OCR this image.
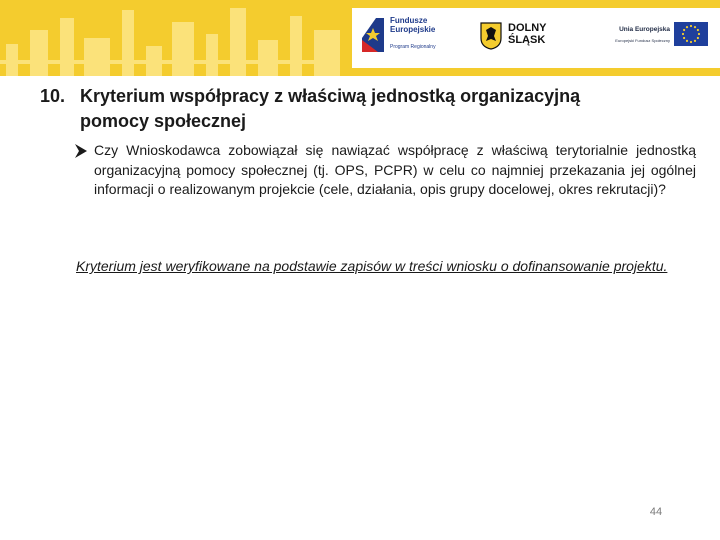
Fundusze
Europejskie
Program Regionalny
DOLNY
ŚLĄSK
Unia Europejska
Europejski Fundusz Społeczny
10. Kryterium współpracy z właściwą jednostką organizacyjną
pomocy społecznej
Czy Wnioskodawca zobowiązał się nawiązać współpracę z właściwą terytorialnie jednostką organizacyjną pomocy społecznej (tj. OPS, PCPR) w celu co najmniej przekazania jej ogólnej informacji o realizowanym projekcie (cele, działania, opis grupy docelowej, okres rekrutacji)?
Kryterium jest weryfikowane na podstawie zapisów w treści wniosku o dofinansowanie projektu.
44
